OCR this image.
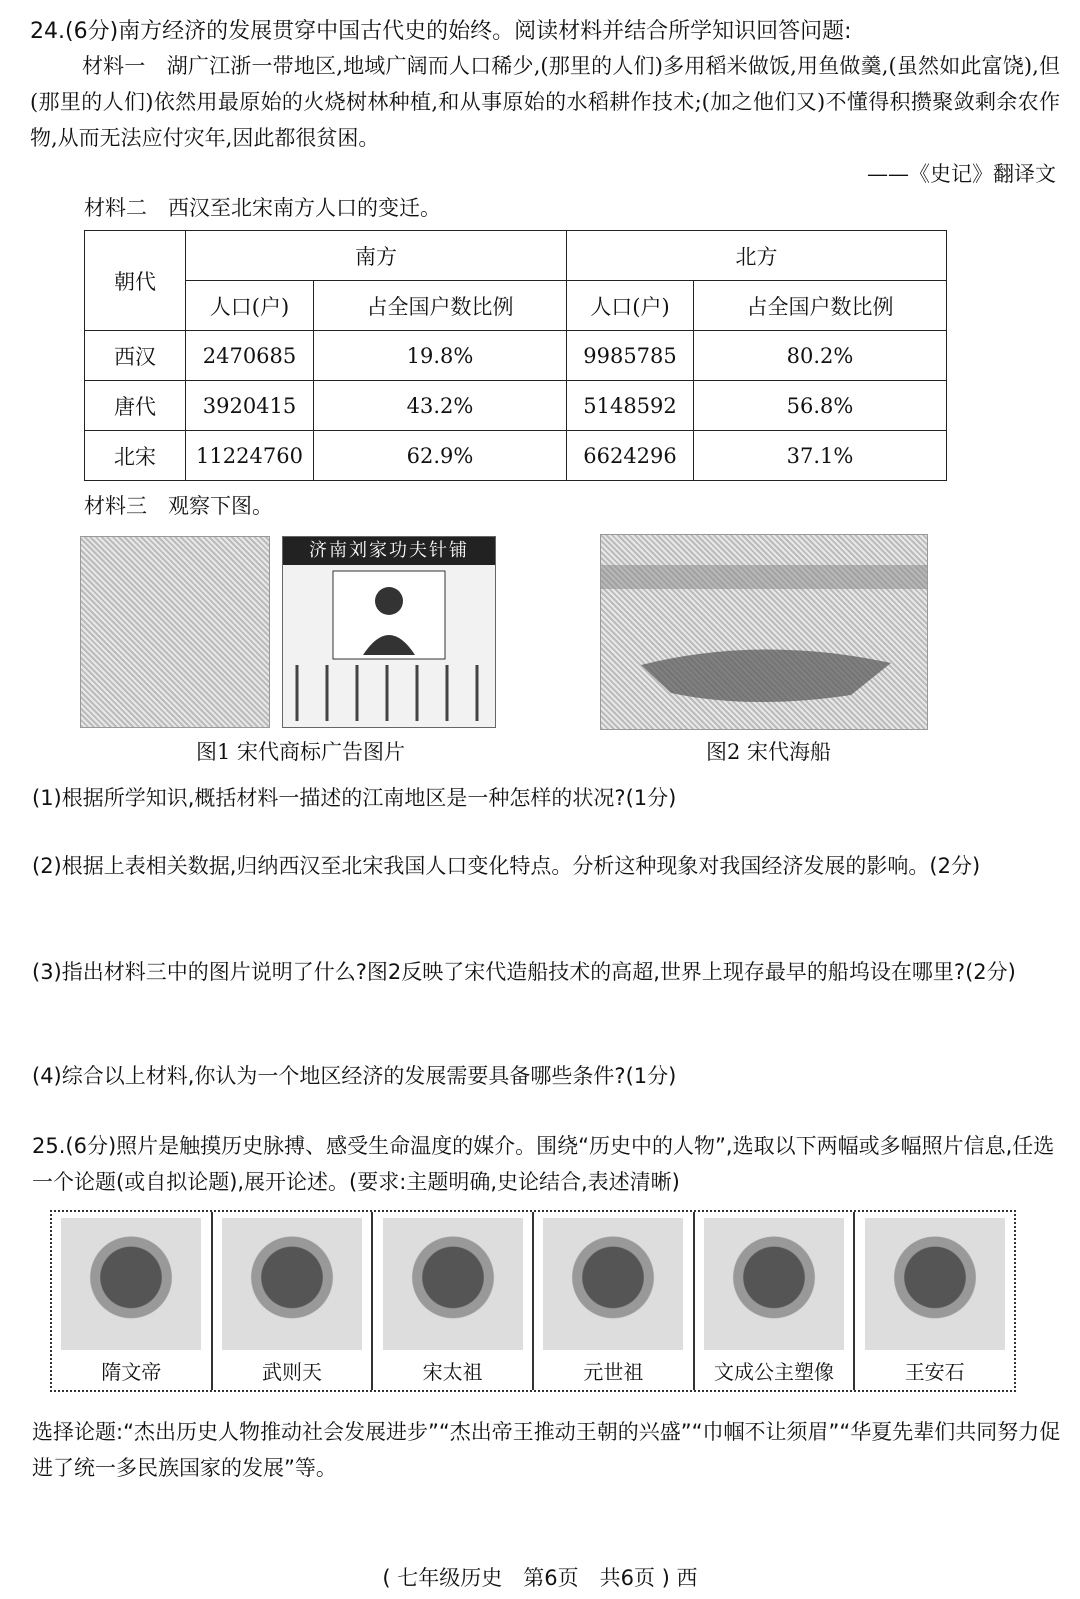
24.(6分)南方经济的发展贯穿中国古代史的始终。阅读材料并结合所学知识回答问题:
材料一　湖广江浙一带地区,地域广阔而人口稀少,(那里的人们)多用稻米做饭,用鱼做羹,(虽然如此富饶),但(那里的人们)依然用最原始的火烧树林种植,和从事原始的水稻耕作技术;(加之他们又)不懂得积攒聚敛剩余农作物,从而无法应付灾年,因此都很贫困。
——《史记》翻译文
材料二　西汉至北宋南方人口的变迁。
朝代	南方		北方	
	人口(户)	占全国户数比例	人口(户)	占全国户数比例
西汉	2470685	19.8%	9985785	80.2%
唐代	3920415	43.2%	5148592	56.8%
北宋	11224760	62.9%	6624296	37.1%
材料三　观察下图。
济南刘家功夫针铺
图1 宋代商标广告图片	图2 宋代海船
(1)根据所学知识,概括材料一描述的江南地区是一种怎样的状况?(1分)
(2)根据上表相关数据,归纳西汉至北宋我国人口变化特点。分析这种现象对我国经济发展的影响。(2分)
(3)指出材料三中的图片说明了什么?图2反映了宋代造船技术的高超,世界上现存最早的船坞设在哪里?(2分)
(4)综合以上材料,你认为一个地区经济的发展需要具备哪些条件?(1分)
25.(6分)照片是触摸历史脉搏、感受生命温度的媒介。围绕“历史中的人物”,选取以下两幅或多幅照片信息,任选一个论题(或自拟论题),展开论述。(要求:主题明确,史论结合,表述清晰)
隋文帝	武则天	宋太祖	元世祖	文成公主塑像	王安石
选择论题:“杰出历史人物推动社会发展进步”“杰出帝王推动王朝的兴盛”“巾帼不让须眉”“华夏先辈们共同努力促进了统一多民族国家的发展”等。
( 七年级历史　第6页　共6页 ) 西
